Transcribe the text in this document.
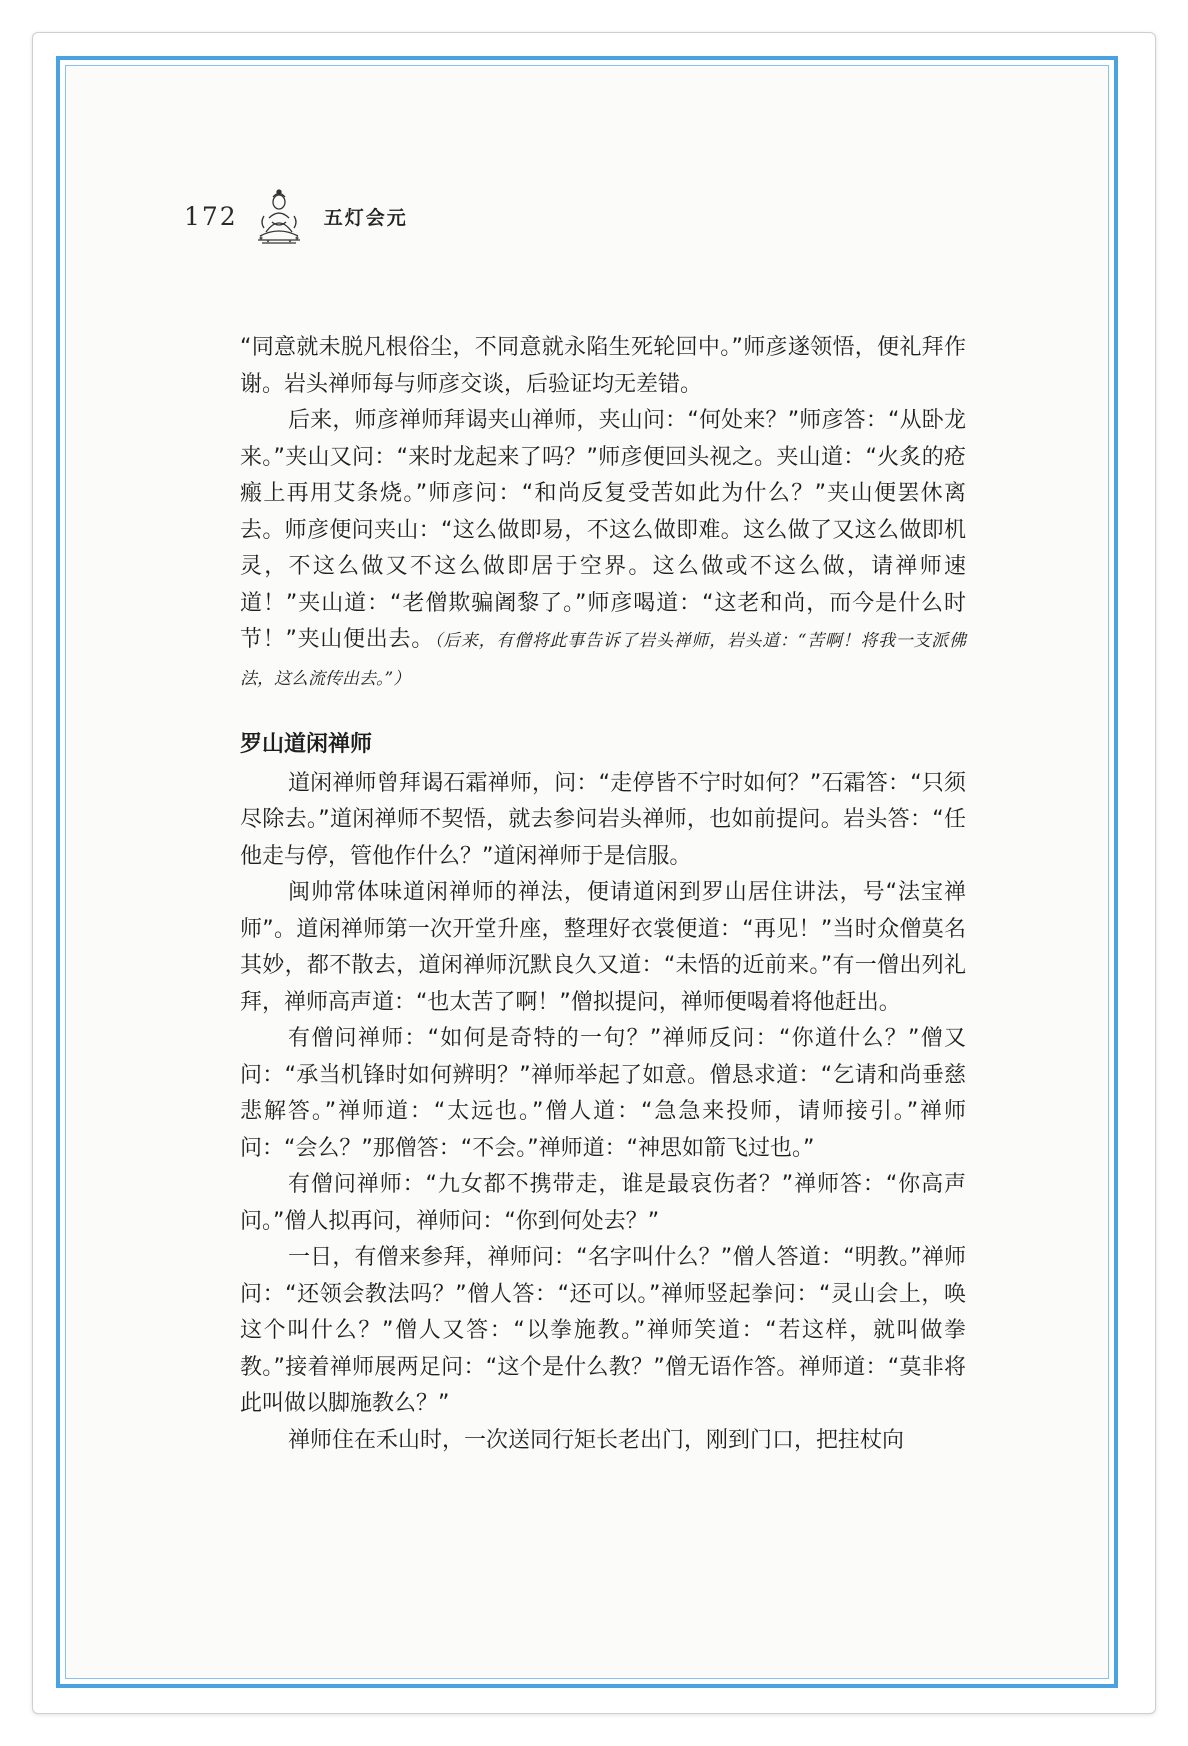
172	五灯会元

“同意就未脱凡根俗尘，不同意就永陷生死轮回中。”师彦遂领悟，便礼拜作谢。岩头禅师每与师彦交谈，后验证均无差错。

后来，师彦禅师拜谒夹山禅师，夹山问：“何处来？”师彦答：“从卧龙来。”夹山又问：“来时龙起来了吗？”师彦便回头视之。夹山道：“火炙的疮瘢上再用艾条烧。”师彦问：“和尚反复受苦如此为什么？”夹山便罢休离去。师彦便问夹山：“这么做即易，不这么做即难。这么做了又这么做即机灵，不这么做又不这么做即居于空界。这么做或不这么做，请禅师速道！”夹山道：“老僧欺骗阇黎了。”师彦喝道：“这老和尚，而今是什么时节！”夹山便出去。（后来，有僧将此事告诉了岩头禅师，岩头道：“苦啊！将我一支派佛法，这么流传出去。”）

罗山道闲禅师

道闲禅师曾拜谒石霜禅师，问：“走停皆不宁时如何？”石霜答：“只须尽除去。”道闲禅师不契悟，就去参问岩头禅师，也如前提问。岩头答：“任他走与停，管他作什么？”道闲禅师于是信服。

闽帅常体味道闲禅师的禅法，便请道闲到罗山居住讲法，号“法宝禅师”。道闲禅师第一次开堂升座，整理好衣裳便道：“再见！”当时众僧莫名其妙，都不散去，道闲禅师沉默良久又道：“未悟的近前来。”有一僧出列礼拜，禅师高声道：“也太苦了啊！”僧拟提问，禅师便喝着将他赶出。

有僧问禅师：“如何是奇特的一句？”禅师反问：“你道什么？”僧又问：“承当机锋时如何辨明？”禅师举起了如意。僧恳求道：“乞请和尚垂慈悲解答。”禅师道：“太远也。”僧人道：“急急来投师，请师接引。”禅师问：“会么？”那僧答：“不会。”禅师道：“神思如箭飞过也。”

有僧问禅师：“九女都不携带走，谁是最哀伤者？”禅师答：“你高声问。”僧人拟再问，禅师问：“你到何处去？”

一日，有僧来参拜，禅师问：“名字叫什么？”僧人答道：“明教。”禅师问：“还领会教法吗？”僧人答：“还可以。”禅师竖起拳问：“灵山会上，唤这个叫什么？”僧人又答：“以拳施教。”禅师笑道：“若这样，就叫做拳教。”接着禅师展两足问：“这个是什么教？”僧无语作答。禅师道：“莫非将此叫做以脚施教么？”

禅师住在禾山时，一次送同行矩长老出门，刚到门口，把拄杖向
